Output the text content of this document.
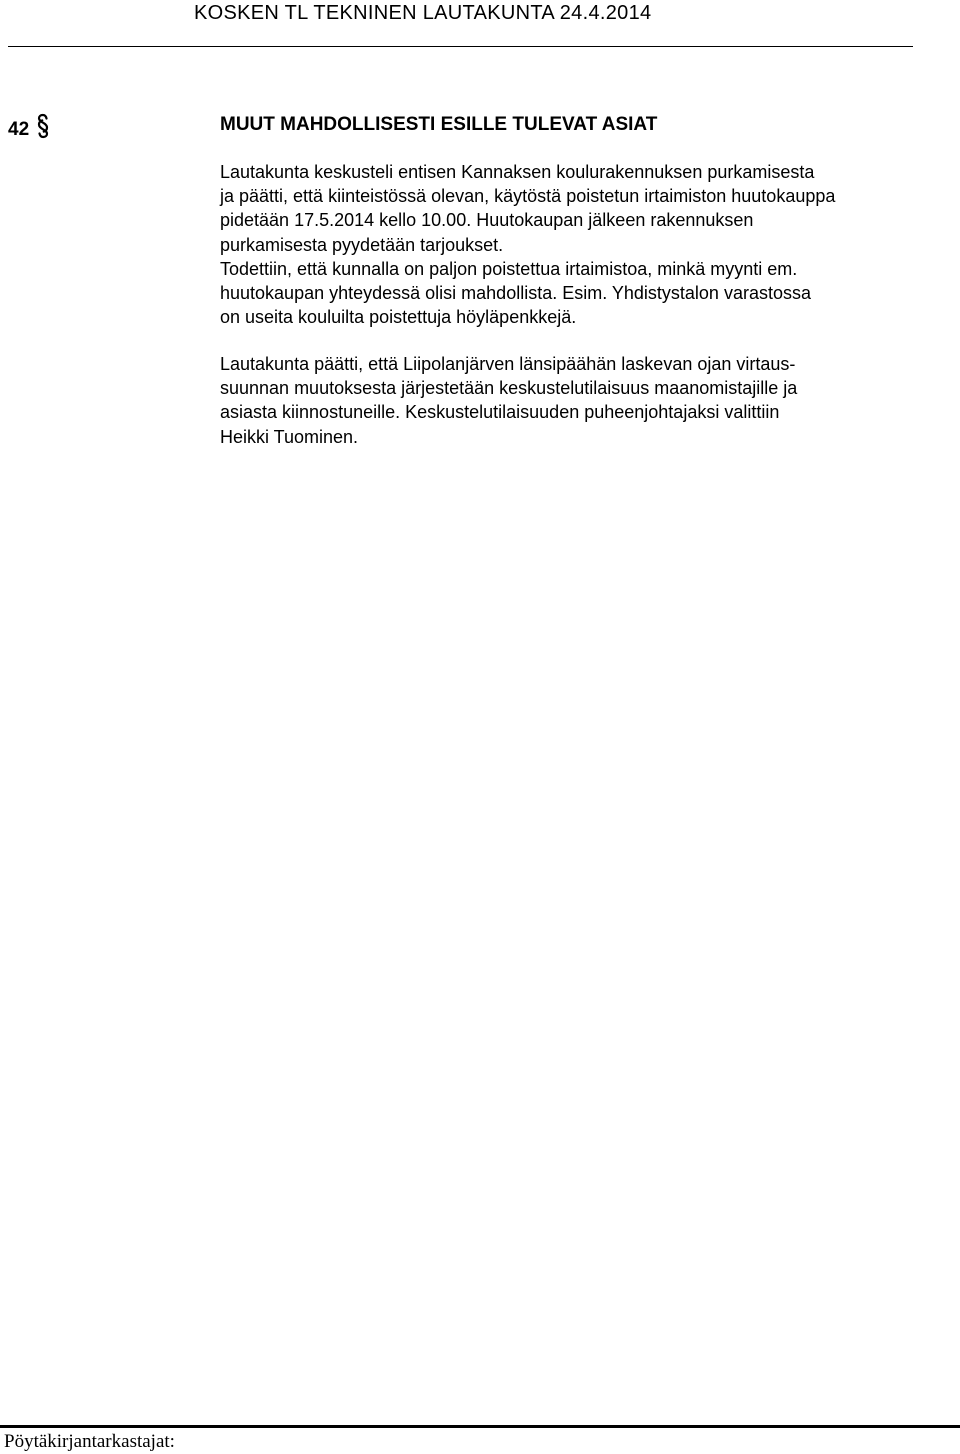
KOSKEN TL TEKNINEN LAUTAKUNTA 24.4.2014
42	MUUT MAHDOLLISESTI ESILLE TULEVAT ASIAT
Lautakunta keskusteli entisen Kannaksen koulurakennuksen purkamisesta
ja päätti, että kiinteistössä olevan, käytöstä poistetun irtaimiston huutokauppa
pidetään 17.5.2014 kello 10.00. Huutokaupan jälkeen rakennuksen
purkamisesta pyydetään tarjoukset.
Todettiin, että kunnalla on paljon poistettua irtaimistoa, minkä myynti em.
huutokaupan yhteydessä olisi mahdollista. Esim. Yhdistystalon varastossa
on useita kouluilta poistettuja höyläpenkkejä.
Lautakunta päätti, että Liipolanjärven länsipäähän laskevan ojan virtaus-
suunnan muutoksesta järjestetään keskustelutilaisuus maanomistajille ja
asiasta kiinnostuneille. Keskustelutilaisuuden puheenjohtajaksi valittiin
Heikki Tuominen.
Pöytäkirjantarkastajat:
